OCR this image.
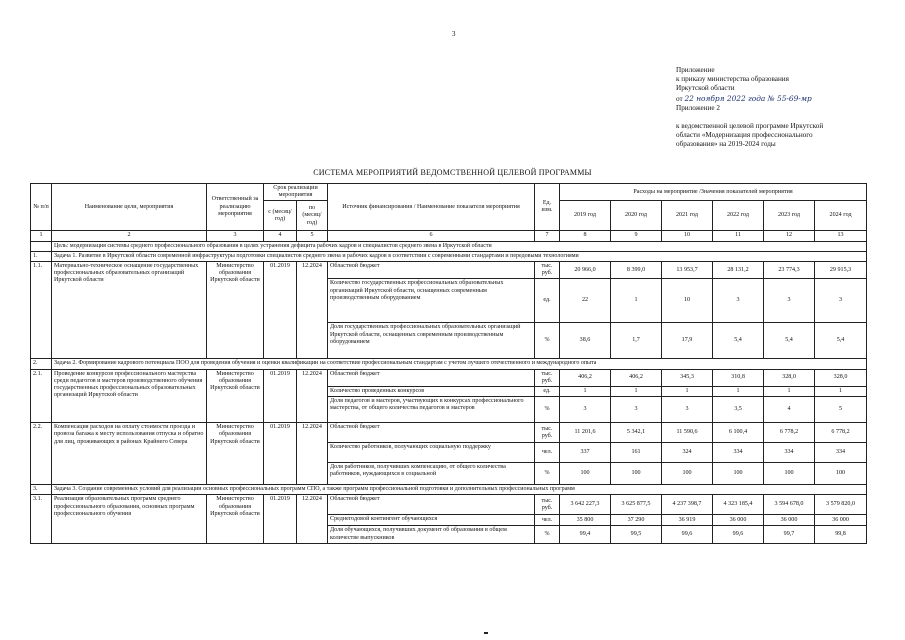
3
Приложение
к приказу министерства образования
Иркутской области
от 22 ноября 2022 года № 55-69-мр
Приложение 2
к ведомственной целевой программе Иркутской
области «Модернизация профессионального
образования» на 2019-2024 годы
СИСТЕМА МЕРОПРИЯТИЙ ВЕДОМСТВЕННОЙ ЦЕЛЕВОЙ ПРОГРАММЫ
№ п/п	Наименование цели, мероприятия	Ответственный за реализацию мероприятия	Срок реализации мероприятия		Источник финансирования / Наименование показателя мероприятия	Ед. изм.	Расходы на мероприятие /Значения показателей мероприятия					
			с (месяц/год)	по (месяц/год)			2019 год	2020 год	2021 год	2022 год	2023 год	2024 год
1	2	3	4	5	6	7	8	9	10	11	12	13
	Цель: модернизация системы среднего профессионального образования в целях устранения дефицита рабочих кадров и специалистов среднего звена в Иркутской области											
1.	Задача 1. Развитие в Иркутской области современной инфраструктуры подготовки специалистов среднего звена и рабочих кадров в соответствии с современными стандартами и передовыми технологиями											
1.1.	Материально-техническое оснащение государственных профессиональных образовательных организаций Иркутской области	Министерство образования Иркутской области	01.2019	12.2024	Областной бюджет	тыс. руб.	20 966,0	8 399,0	13 953,7	28 131,2	23 774,3	29 915,3
					Количество государственных профессиональных образовательных организаций Иркутской области, оснащенных современным производственным оборудованием	ед.	22	1	10	3	3	3
					Доля государственных профессиональных образовательных организаций Иркутской области, оснащенных современным производственным оборудованием	%	38,6	1,7	17,9	5,4	5,4	5,4
2.	Задача 2. Формирование кадрового потенциала ПОО для проведения обучения и оценки квалификации на соответствие профессиональным стандартам с учетом лучшего отечественного и международного опыта											
2.1.	Проведение конкурсов профессионального мастерства среди педагогов и мастеров производственного обучения государственных профессиональных образовательных организаций Иркутской области	Министерство образования Иркутской области	01.2019	12.2024	Областной бюджет	тыс. руб.	406,2	406,2	345,3	310,8	328,0	328,0
					Количество проведенных конкурсов	ед.	1	1	1	1	1	1
					Доля педагогов и мастеров, участвующих в конкурсах профессионального мастерства, от общего количества педагогов и мастеров	%	3	3	3	3,5	4	5
2.2.	Компенсация расходов на оплату стоимости проезда и провоза багажа к месту использования отпуска и обратно для лиц, проживающих в районах Крайнего Севера	Министерство образования Иркутской области	01.2019	12.2024	Областной бюджет	тыс. руб.	11 201,6	5 342,1	11 590,6	6 100,4	6 778,2	6 778,2
					Количество работников, получающих социальную поддержку	чел.	337	161	324	334	334	334
					Доля работников, получивших компенсацию, от общего количества работников, нуждающихся в социальной	%	100	100	100	100	100	100
3.	Задача 3. Создание современных условий для реализации основных профессиональных программ СПО, а также программ профессиональной подготовки и дополнительных профессиональных программ											
3.1.	Реализация образовательных программ среднего профессионального образования, основных программ профессионального обучения	Министерство образования Иркутской области	01.2019	12.2024	Областной бюджет	тыс. руб.	3 642 227,3	3 625 877,5	4 237 398,7	4 323 185,4	3 594 678,0	3 579 820,0
					Среднегодовой контингент обучающихся	чел.	35 800	37 290	36 919	36 000	36 000	36 000
					Доля обучающихся, получивших документ об образовании в общем количестве выпускников	%	99,4	99,5	99,6	99,6	99,7	99,8
